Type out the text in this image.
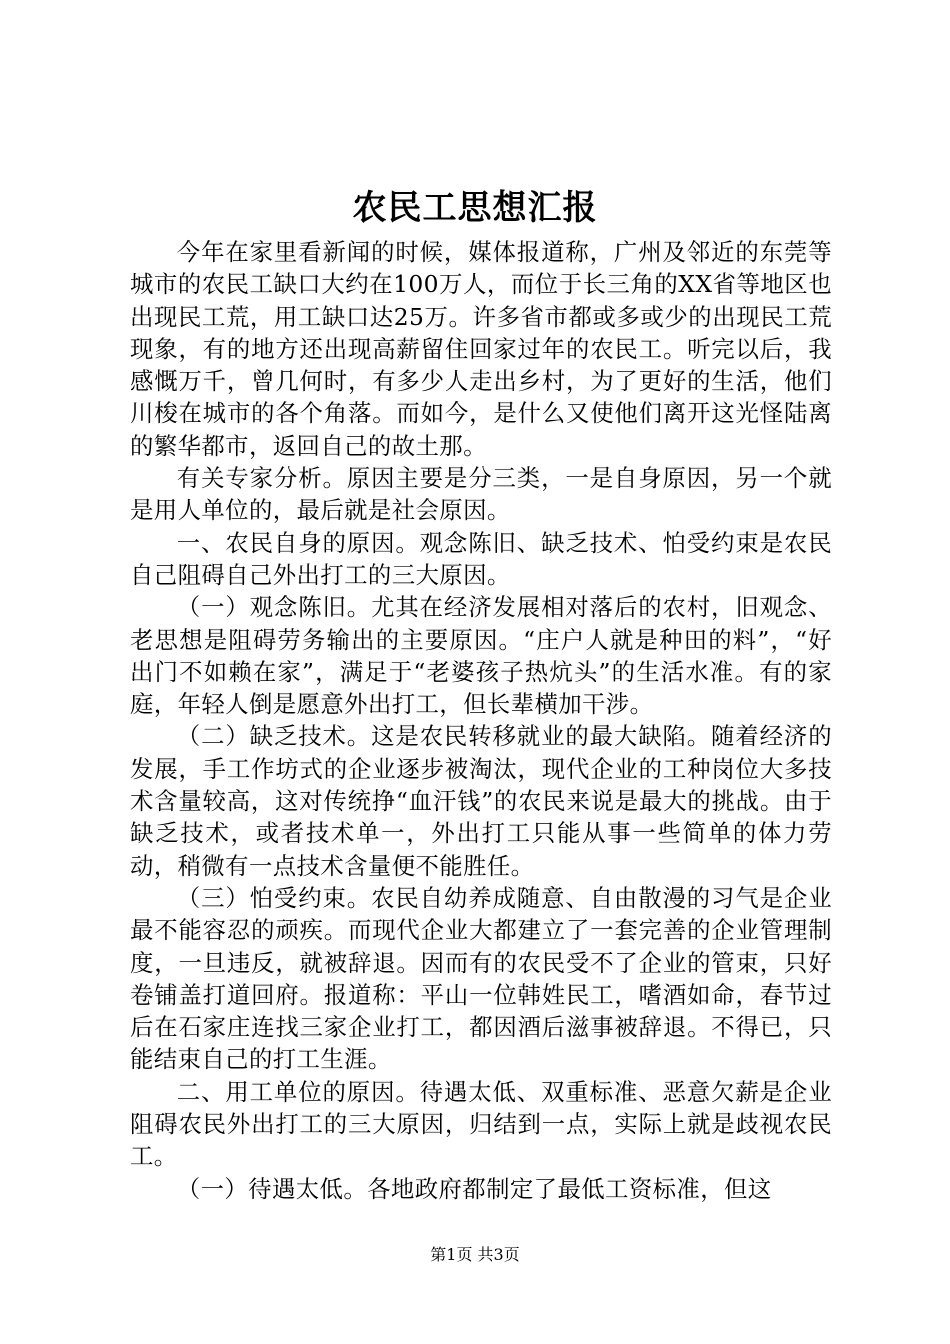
农民工思想汇报

今年在家里看新闻的时候，媒体报道称，广州及邻近的东莞等城市的农民工缺口大约在100万人，而位于长三角的XX省等地区也出现民工荒，用工缺口达25万。许多省市都或多或少的出现民工荒现象，有的地方还出现高薪留住回家过年的农民工。听完以后，我感慨万千，曾几何时，有多少人走出乡村，为了更好的生活，他们川梭在城市的各个角落。而如今，是什么又使他们离开这光怪陆离的繁华都市，返回自己的故土那。

有关专家分析。原因主要是分三类，一是自身原因，另一个就是用人单位的，最后就是社会原因。

一、农民自身的原因。观念陈旧、缺乏技术、怕受约束是农民自己阻碍自己外出打工的三大原因。

（一）观念陈旧。尤其在经济发展相对落后的农村，旧观念、老思想是阻碍劳务输出的主要原因。“庄户人就是种田的料”，“好出门不如赖在家”，满足于“老婆孩子热炕头”的生活水准。有的家庭，年轻人倒是愿意外出打工，但长辈横加干涉。

（二）缺乏技术。这是农民转移就业的最大缺陷。随着经济的发展，手工作坊式的企业逐步被淘汰，现代企业的工种岗位大多技术含量较高，这对传统挣“血汗钱”的农民来说是最大的挑战。由于缺乏技术，或者技术单一，外出打工只能从事一些简单的体力劳动，稍微有一点技术含量便不能胜任。

（三）怕受约束。农民自幼养成随意、自由散漫的习气是企业最不能容忍的顽疾。而现代企业大都建立了一套完善的企业管理制度，一旦违反，就被辞退。因而有的农民受不了企业的管束，只好卷铺盖打道回府。报道称：平山一位韩姓民工，嗜酒如命，春节过后在石家庄连找三家企业打工，都因酒后滋事被辞退。不得已，只能结束自己的打工生涯。

二、用工单位的原因。待遇太低、双重标准、恶意欠薪是企业阻碍农民外出打工的三大原因，归结到一点，实际上就是歧视农民工。

（一）待遇太低。各地政府都制定了最低工资标准，但这

第1页 共3页
